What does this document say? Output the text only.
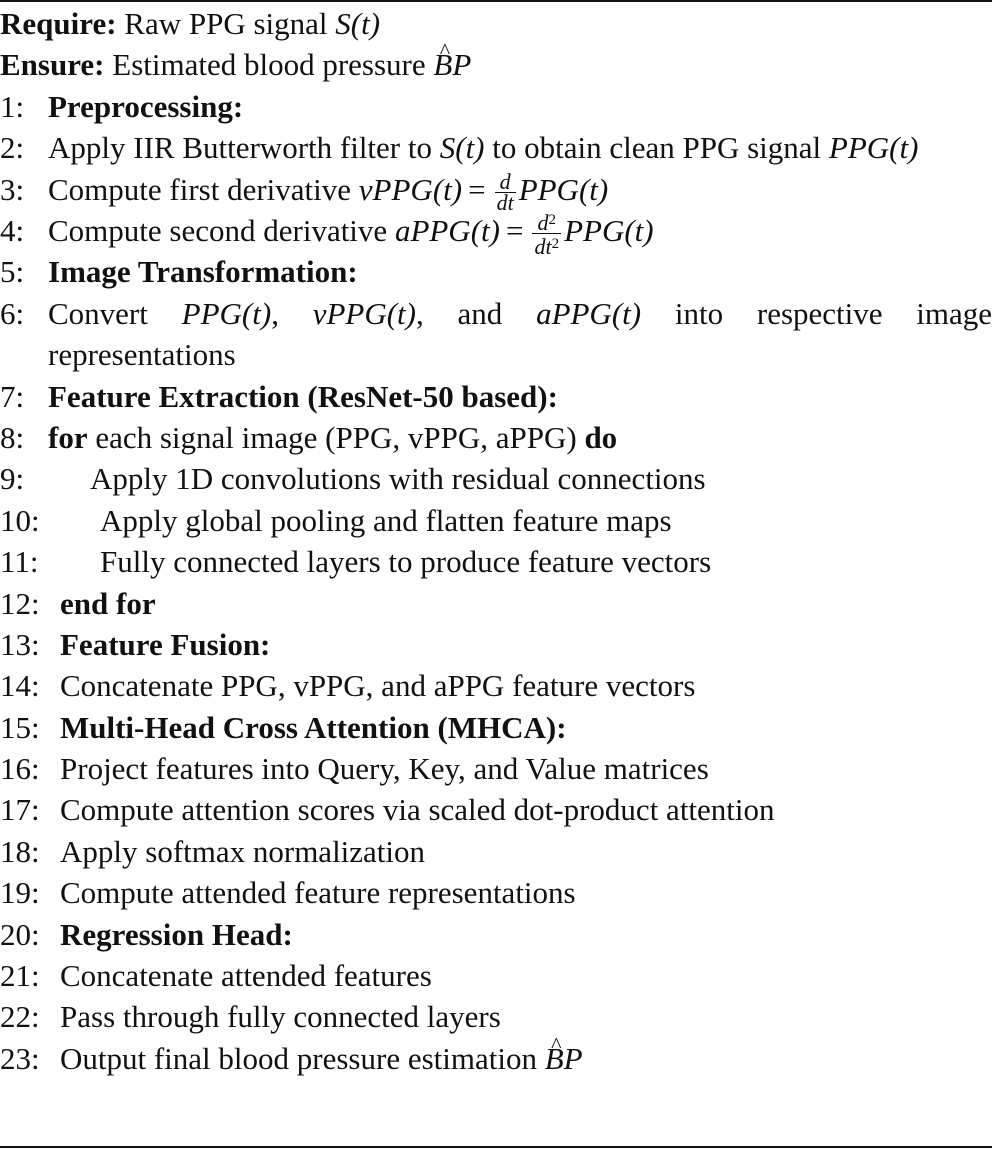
Require: Raw PPG signal S(t)
Ensure: Estimated blood pressure ^ BP
1: Preprocessing:
2: Apply IIR Butterworth filter to S(t) to obtain clean PPG signal PPG(t)
3: Compute first derivative vPPG(t) = $\frac{d}{dt} PPG(t)$
4: Compute second derivative aPPG(t) = $\frac{d^2}{dt^2} PPG(t)$
5: Image Transformation:
6: Convert PPG(t), vPPG(t), and aPPG(t) into respective image representations
7: Feature Extraction (ResNet-50 based):
8: for each signal image (PPG, vPPG, aPPG) do
9:	Apply 1D convolutions with residual connections
10:	Apply global pooling and flatten feature maps
11:	Fully connected layers to produce feature vectors
12: end for
13: Feature Fusion:
14: Concatenate PPG, vPPG, and aPPG feature vectors
15: Multi-Head Cross Attention (MHCA):
16: Project features into Query, Key, and Value matrices
17: Compute attention scores via scaled dot-product attention
18: Apply softmax normalization
19: Compute attended feature representations
20: Regression Head:
21: Concatenate attended features
22: Pass through fully connected layers
23: Output final blood pressure estimation ^ BP
